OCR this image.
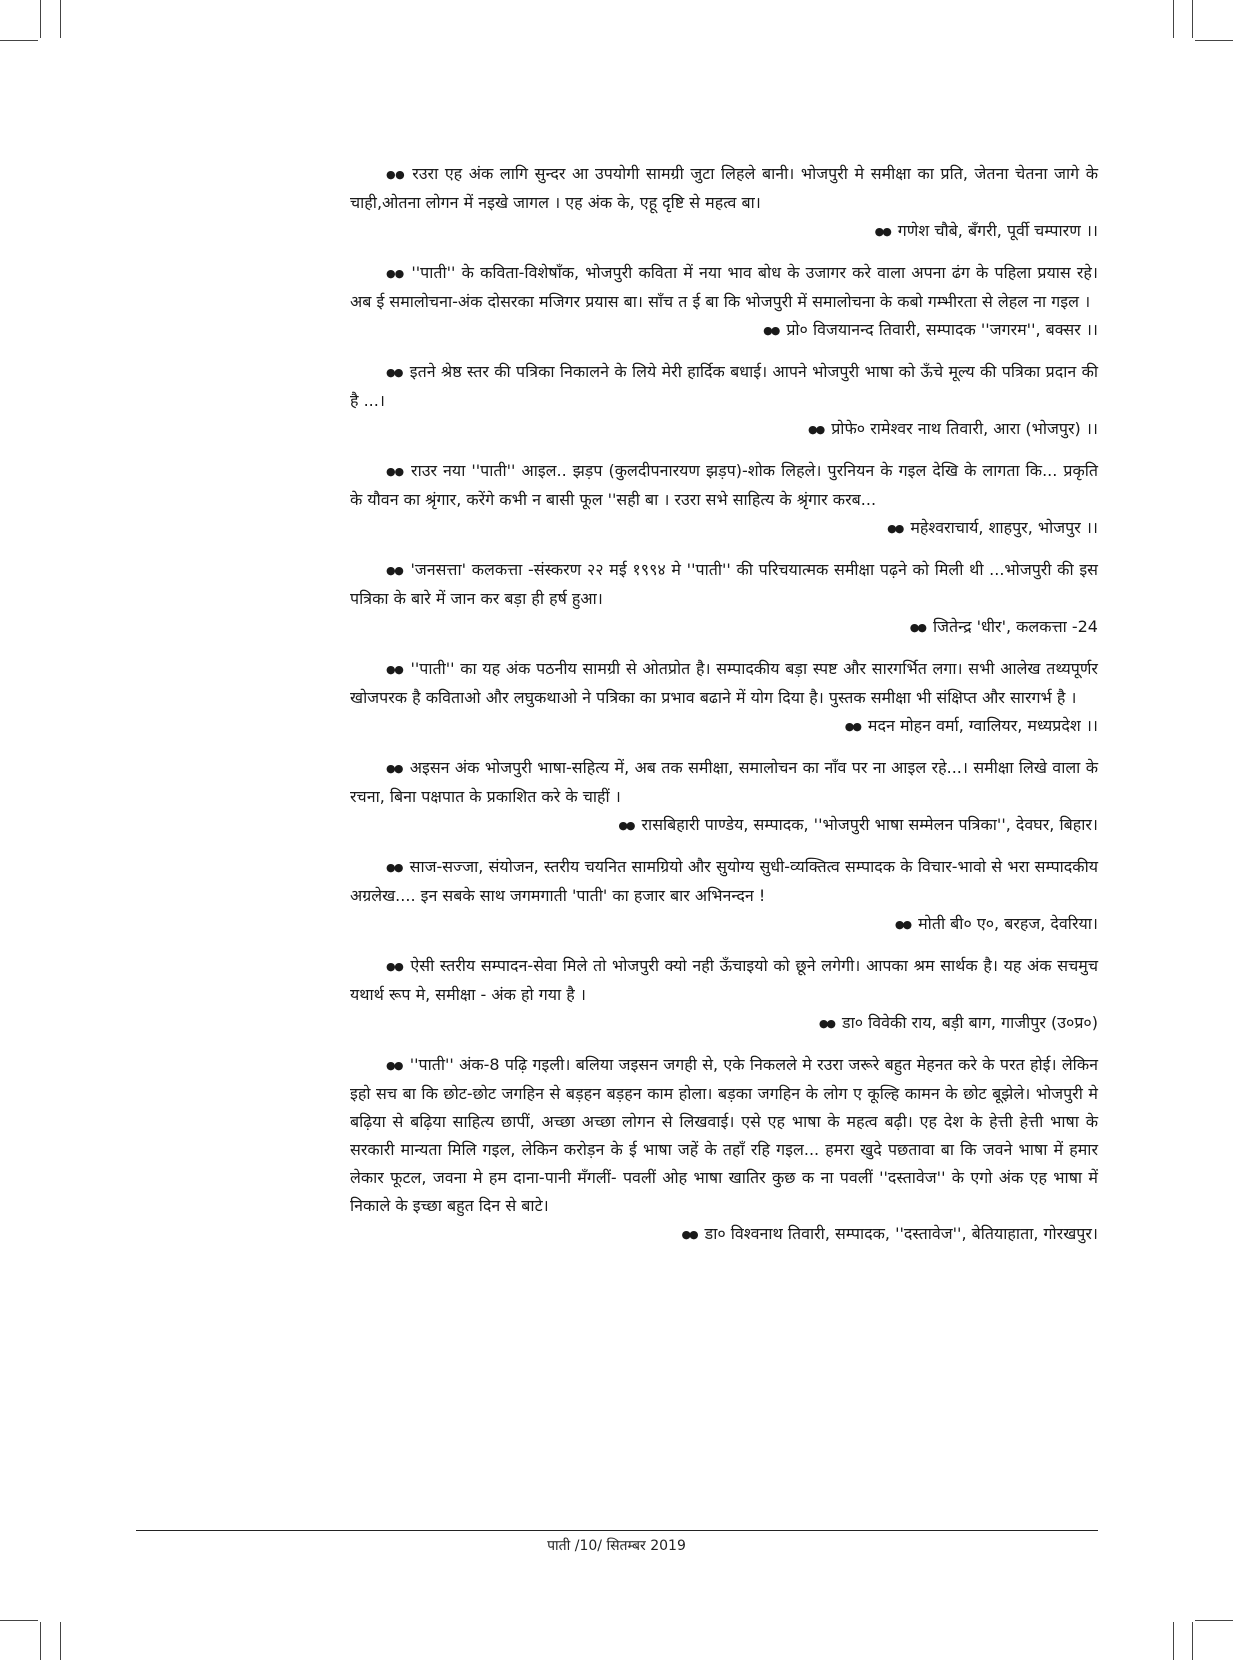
●● रउरा एह अंक लागि सुन्दर आ उपयोगी सामग्री जुटा लिहले बानी। भोजपुरी मे समीक्षा का प्रति, जेतना चेतना जागे के चाही,ओतना लोगन में नइखे जागल । एह अंक के, एहू दृष्टि से महत्व बा।

●● गणेश चौबे, बँगरी, पूर्वी चम्पारण ।।

●● ''पाती'' के कविता-विशेषाँक, भोजपुरी कविता में नया भाव बोध के उजागर करे वाला अपना ढंग के पहिला प्रयास रहे। अब ई समालोचना-अंक दोसरका मजिगर प्रयास बा। साँच त ई बा कि भोजपुरी में समालोचना के कबो गम्भीरता से लेहल ना गइल ।

●● प्रो० विजयानन्द तिवारी, सम्पादक ''जगरम'', बक्सर ।।

●● इतने श्रेष्ठ स्तर की पत्रिका निकालने के लिये मेरी हार्दिक बधाई। आपने भोजपुरी भाषा को ऊँचे मूल्य की पत्रिका प्रदान की है ...।

●● प्रोफे० रामेश्वर नाथ तिवारी, आरा (भोजपुर) ।।

●● राउर नया ''पाती'' आइल.. झड़प (कुलदीपनारयण झड़प)-शोक लिहले। पुरनियन के गइल देखि के लागता कि... प्रकृति के यौवन का श्रृंगार, करेंगे कभी न बासी फूल ''सही बा । रउरा सभे साहित्य के श्रृंगार करब...

●● महेश्वराचार्य, शाहपुर, भोजपुर ।।

●● 'जनसत्ता' कलकत्ता -संस्करण २२ मई १९९४ मे ''पाती'' की परिचयात्मक समीक्षा पढ़ने को मिली थी ...भोजपुरी की इस पत्रिका के बारे में जान कर बड़ा ही हर्ष हुआ।

●● जितेन्द्र 'धीर', कलकत्ता -24

●● ''पाती'' का यह अंक पठनीय सामग्री से ओतप्रोत है। सम्पादकीय बड़ा स्पष्ट और सारगर्भित लगा। सभी आलेख तथ्यपूर्णर खोजपरक है कविताओ और लघुकथाओ ने पत्रिका का प्रभाव बढाने में योग दिया है। पुस्तक समीक्षा भी संक्षिप्त और सारगर्भ है ।

●● मदन मोहन वर्मा, ग्वालियर, मध्यप्रदेश ।।

●● अइसन अंक भोजपुरी भाषा-सहित्य में, अब तक समीक्षा, समालोचन का नाँव पर ना आइल रहे...। समीक्षा लिखे वाला के रचना, बिना पक्षपात के प्रकाशित करे के चाहीं ।

●● रासबिहारी पाण्डेय, सम्पादक, ''भोजपुरी भाषा सम्मेलन पत्रिका'', देवघर, बिहार।

●● साज-सज्जा, संयोजन, स्तरीय चयनित सामग्रियो और सुयोग्य सुधी-व्यक्तित्व सम्पादक के विचार-भावो से भरा सम्पादकीय अग्रलेख.... इन सबके साथ जगमगाती 'पाती' का हजार बार अभिनन्दन !

●● मोती बी० ए०, बरहज, देवरिया।

●● ऐसी स्तरीय सम्पादन-सेवा मिले तो भोजपुरी क्यो नही ऊँचाइयो को छूने लगेगी। आपका श्रम सार्थक है। यह अंक सचमुच यथार्थ रूप मे, समीक्षा - अंक हो गया है ।

●● डा० विवेकी राय, बड़ी बाग, गाजीपुर (उ०प्र०)

●● ''पाती'' अंक-8 पढ़ि गइली। बलिया जइसन जगही से, एके निकलले मे रउरा जरूरे बहुत मेहनत करे के परत होई। लेकिन इहो सच बा कि छोट-छोट जगहिन से बड़हन बड़हन काम होला। बड़का जगहिन के लोग ए कूल्हि कामन के छोट बूझेले। भोजपुरी मे बढ़िया से बढ़िया साहित्य छापीं, अच्छा अच्छा लोगन से लिखवाई। एसे एह भाषा के महत्व बढ़ी। एह देश के हेत्ती हेत्ती भाषा के सरकारी मान्यता मिलि गइल, लेकिन करोड़न के ई भाषा जहें के तहाँ रहि गइल... हमरा खुदे पछतावा बा कि जवने भाषा में हमार लेकार फूटल, जवना मे हम दाना-पानी मँगलीं- पवलीं ओह भाषा खातिर कुछ क ना पवलीं ''दस्तावेज'' के एगो अंक एह भाषा में निकाले के इच्छा बहुत दिन से बाटे।

●● डा० विश्वनाथ तिवारी, सम्पादक, ''दस्तावेज'', बेतियाहाता, गोरखपुर।

पाती /10/ सितम्बर 2019
